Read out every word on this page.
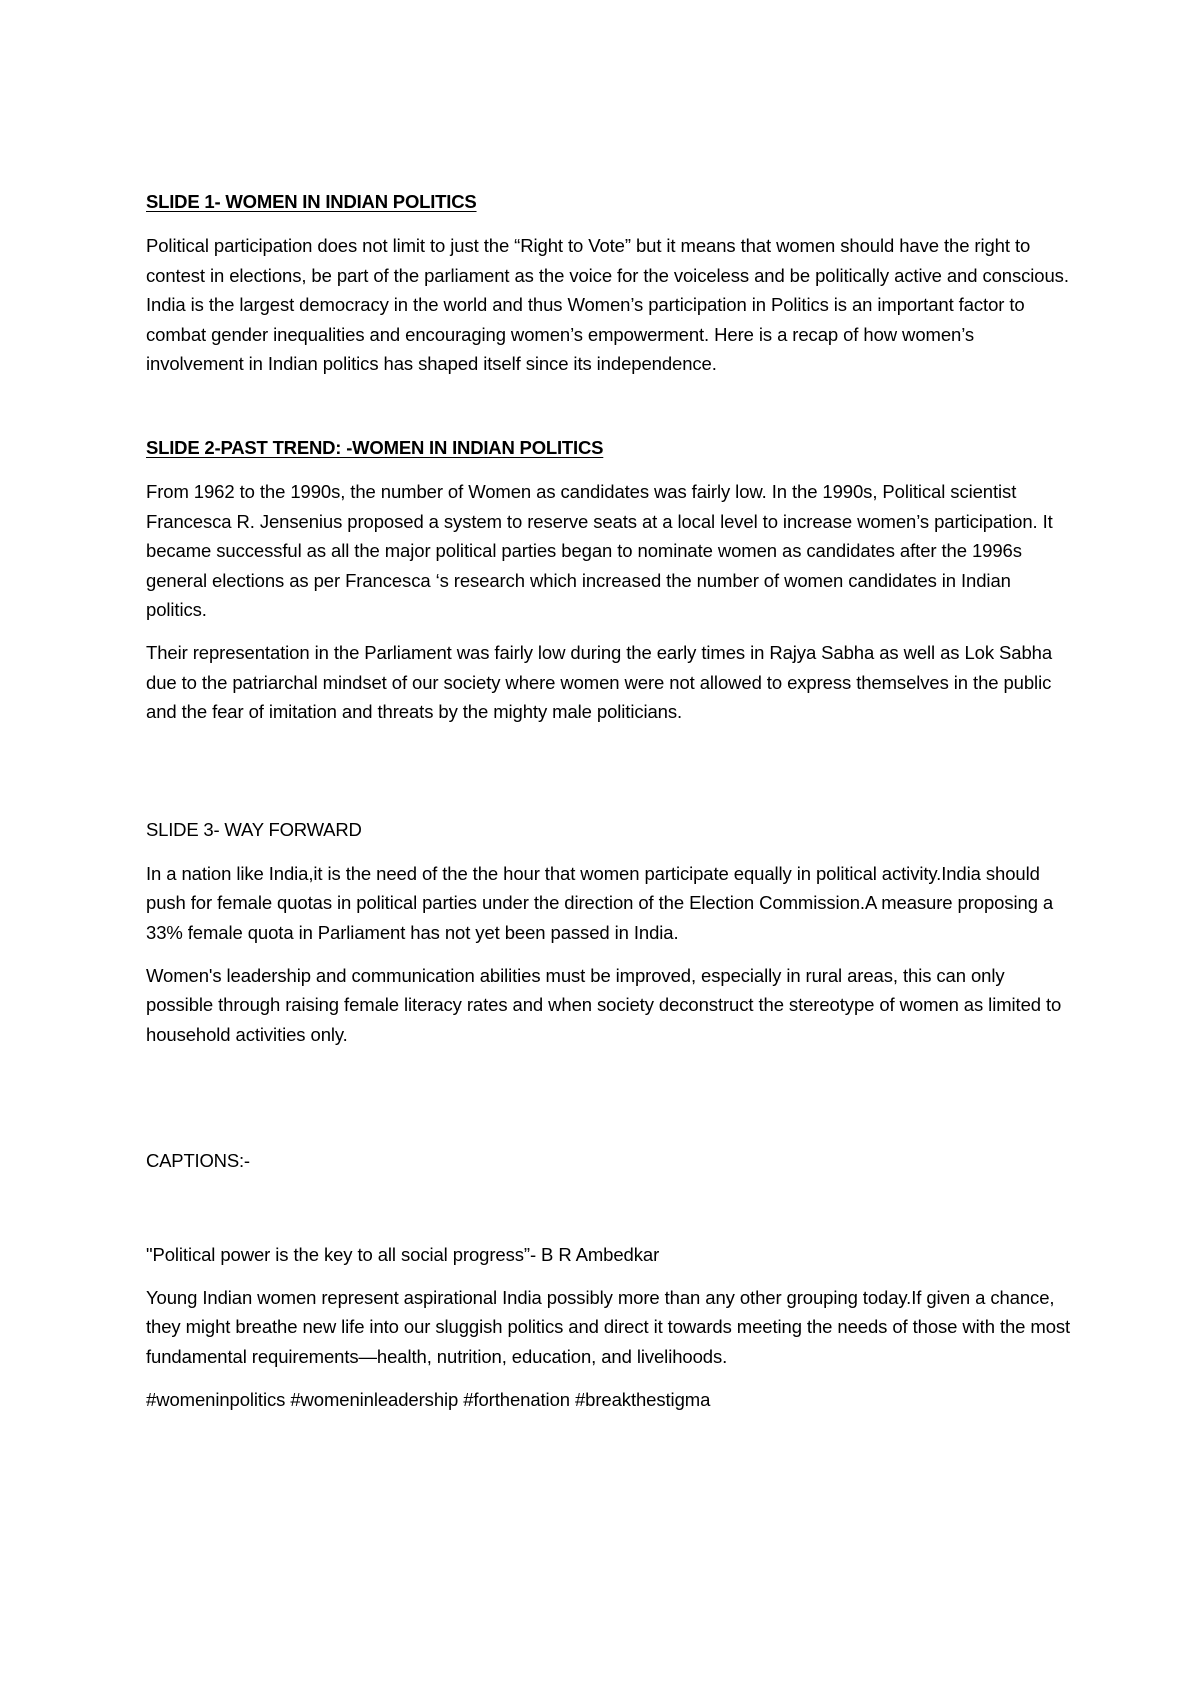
SLIDE 1- WOMEN IN INDIAN POLITICS

Political participation does not limit to just the “Right to Vote” but it means that women should have the right to contest in elections, be part of the parliament as the voice for the voiceless and be politically active and conscious. India is the largest democracy in the world and thus Women’s participation in Politics is an important factor to combat gender inequalities and encouraging women’s empowerment. Here is a recap of how women’s involvement in Indian politics has shaped itself since its independence.

SLIDE 2-PAST TREND: -WOMEN IN INDIAN POLITICS

From 1962 to the 1990s, the number of Women as candidates was fairly low. In the 1990s, Political scientist Francesca R. Jensenius proposed a system to reserve seats at a local level to increase women’s participation. It became successful as all the major political parties began to nominate women as candidates after the 1996s general elections as per Francesca ‘s research which increased the number of women candidates in Indian politics.

Their representation in the Parliament was fairly low during the early times in Rajya Sabha as well as Lok Sabha due to the patriarchal mindset of our society where women were not allowed to express themselves in the public and the fear of imitation and threats by the mighty male politicians.

SLIDE 3- WAY FORWARD

In a nation like India,it is the need of the the hour that women participate equally in political activity.India should push for female quotas in political parties under the direction of the Election Commission.A measure proposing a 33% female quota in Parliament has not yet been passed in India.

Women's leadership and communication abilities must be improved, especially in rural areas, this can only possible through raising female literacy rates and when society deconstruct the stereotype of women as limited to household activities only.

CAPTIONS:-

"Political power is the key to all social progress”- B R Ambedkar

Young Indian women represent aspirational India possibly more than any other grouping today.If given a chance, they might breathe new life into our sluggish politics and direct it towards meeting the needs of those with the most fundamental requirements—health, nutrition, education, and livelihoods.

#womeninpolitics #womeninleadership #forthenation #breakthestigma
